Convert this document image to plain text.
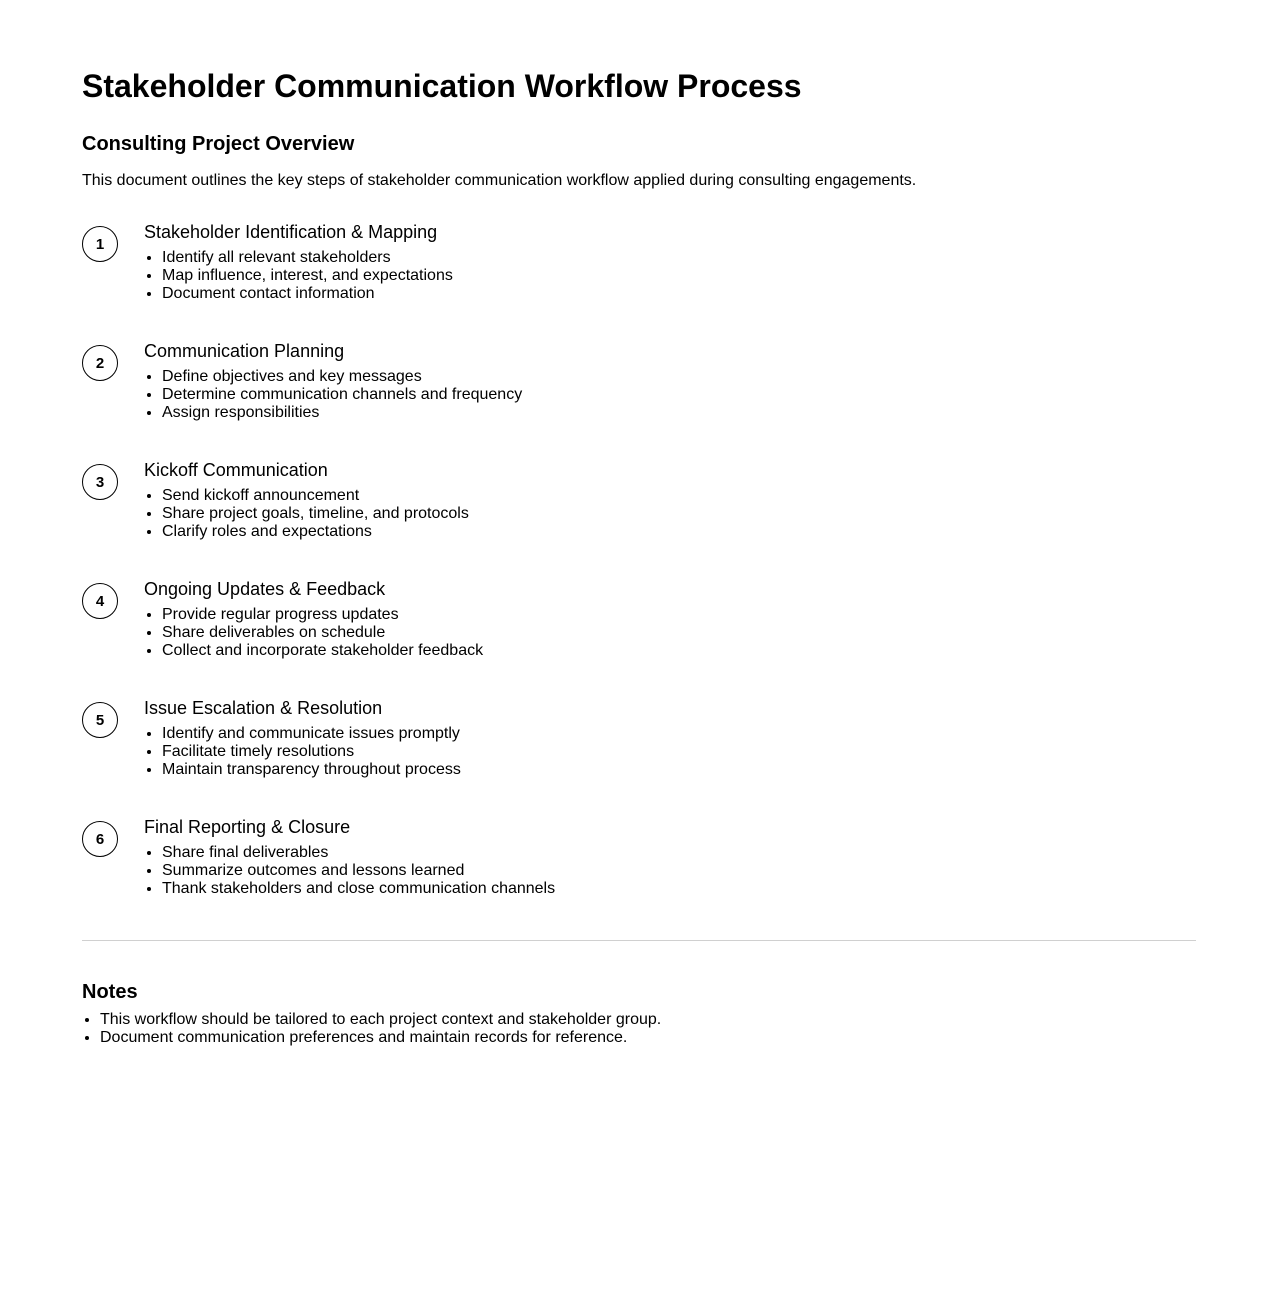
Stakeholder Communication Workflow Process
Consulting Project Overview

This document outlines the key steps of stakeholder communication workflow applied during consulting engagements.

1
Stakeholder Identification & Mapping
• Identify all relevant stakeholders
• Map influence, interest, and expectations
• Document contact information
2
Communication Planning
• Define objectives and key messages
• Determine communication channels and frequency
• Assign responsibilities
3
Kickoff Communication
• Send kickoff announcement
• Share project goals, timeline, and protocols
• Clarify roles and expectations
4
Ongoing Updates & Feedback
• Provide regular progress updates
• Share deliverables on schedule
• Collect and incorporate stakeholder feedback
5
Issue Escalation & Resolution
• Identify and communicate issues promptly
• Facilitate timely resolutions
• Maintain transparency throughout process
6
Final Reporting & Closure
• Share final deliverables
• Summarize outcomes and lessons learned
• Thank stakeholders and close communication channels
Notes
• This workflow should be tailored to each project context and stakeholder group.
• Document communication preferences and maintain records for reference.
